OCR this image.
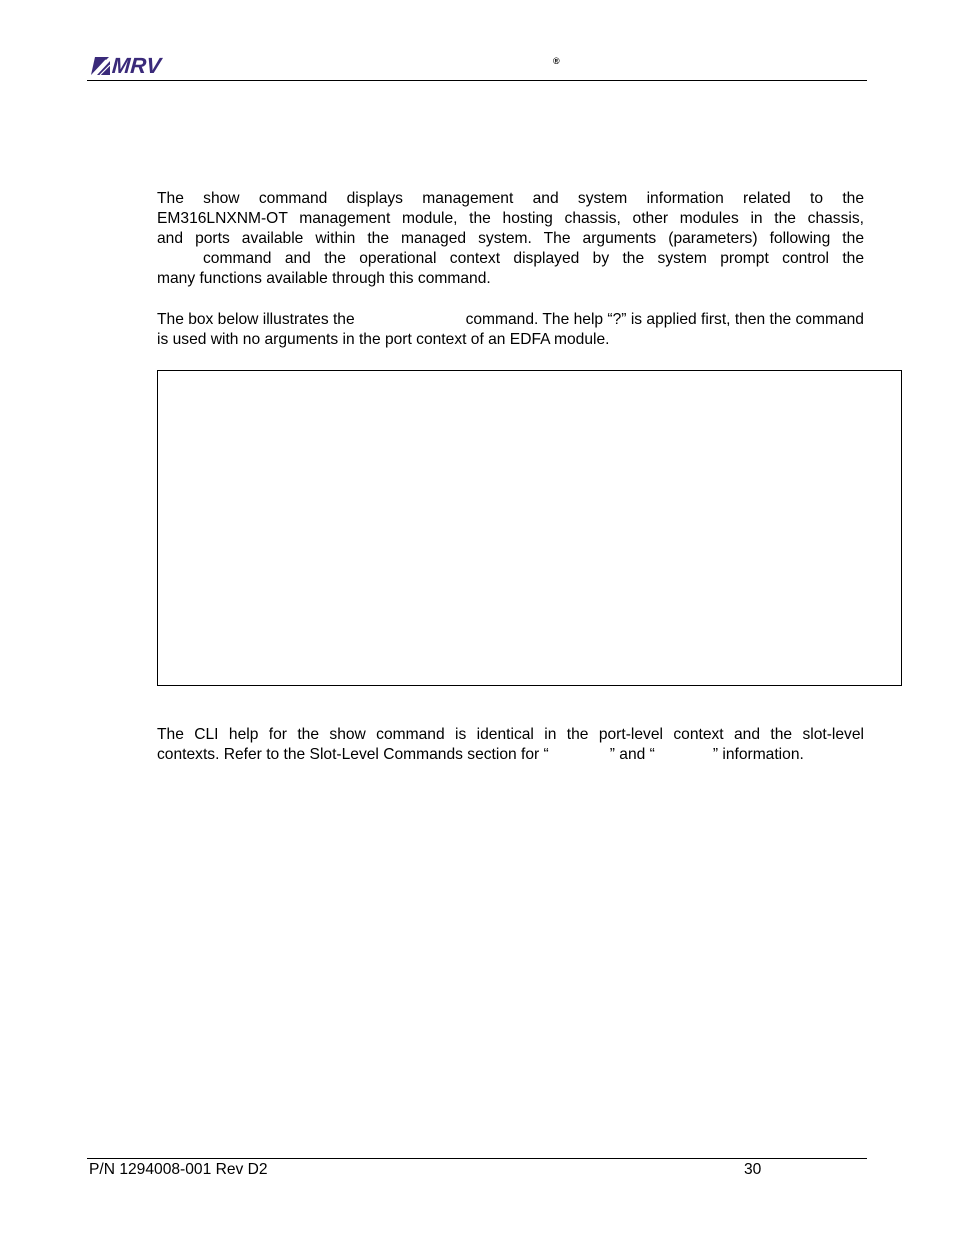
MRV	®
The show command displays management and system information related to the
EM316LNXNM-OT management module, the hosting chassis, other modules in the chassis,
and ports available within the managed system. The arguments (parameters) following the
command and the operational context displayed by the system prompt control the
many functions available through this command.
The box below illustrates the	command. The help “?” is applied first, then the command
is used with no arguments in the port context of an EDFA module.
The CLI help for the show command is identical in the port-level context and the slot-level
contexts. Refer to the Slot-Level Commands section for “	” and “	” information.
P/N 1294008-001 Rev D2	30
